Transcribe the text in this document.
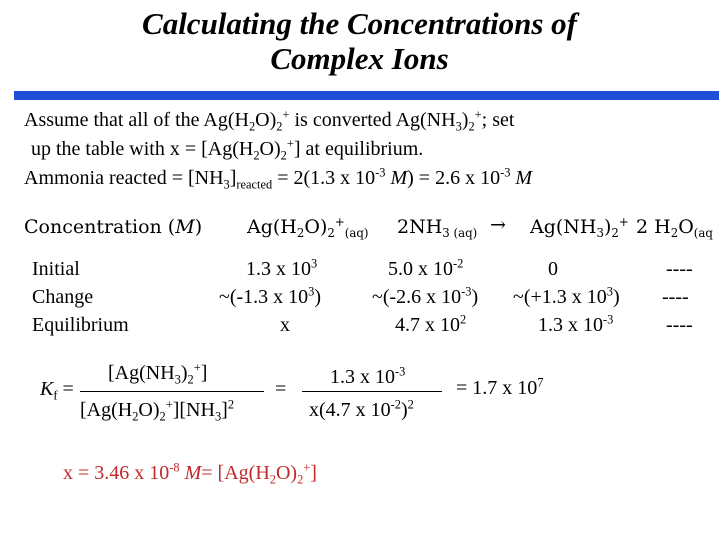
Calculating the Concentrations of
Complex Ions
Assume that all of the $Ag(H_2O)_2^+$ is converted $Ag(NH_3)_2^+$; set
up the table with $x = [Ag(H_2O)_2^+]$ at equilibrium.
Ammonia reacted = $[NH_3]_{reacted} = 2(1.3$ x $10^{-3}$ M) = 2.6 x $10^{-3}$ M
Concentration (M) $Ag(H_2O)_2^+_{(aq)}$ $2NH_{3 (aq)} \to Ag(NH_3)_2^+$ 2 $H_2O_{(aq}$
Initial	1.3 x $10^3$	5.0 x $10^{-2}$	0	----
Change	~(-1.3 x $10^3$)	~(-2.6 x $10^{-3}$) ~(+1.3 x $10^3$) ----
Equilibrium	x	4.7 x $10^2$	1.3 x $10^{-3}$	----
$[Ag(NH_3)_2^+]$
$K_f$ =
$[Ag(H_2O)_2^+][NH_3]^2$
=
1.3 x $10^{-3}$
x(4.7 x $10^{-2})^2$
= 1.7 x $10^7$
x = 3.46 x $10^{-8}$ $M= [Ag(H_2O)_2^+]$
